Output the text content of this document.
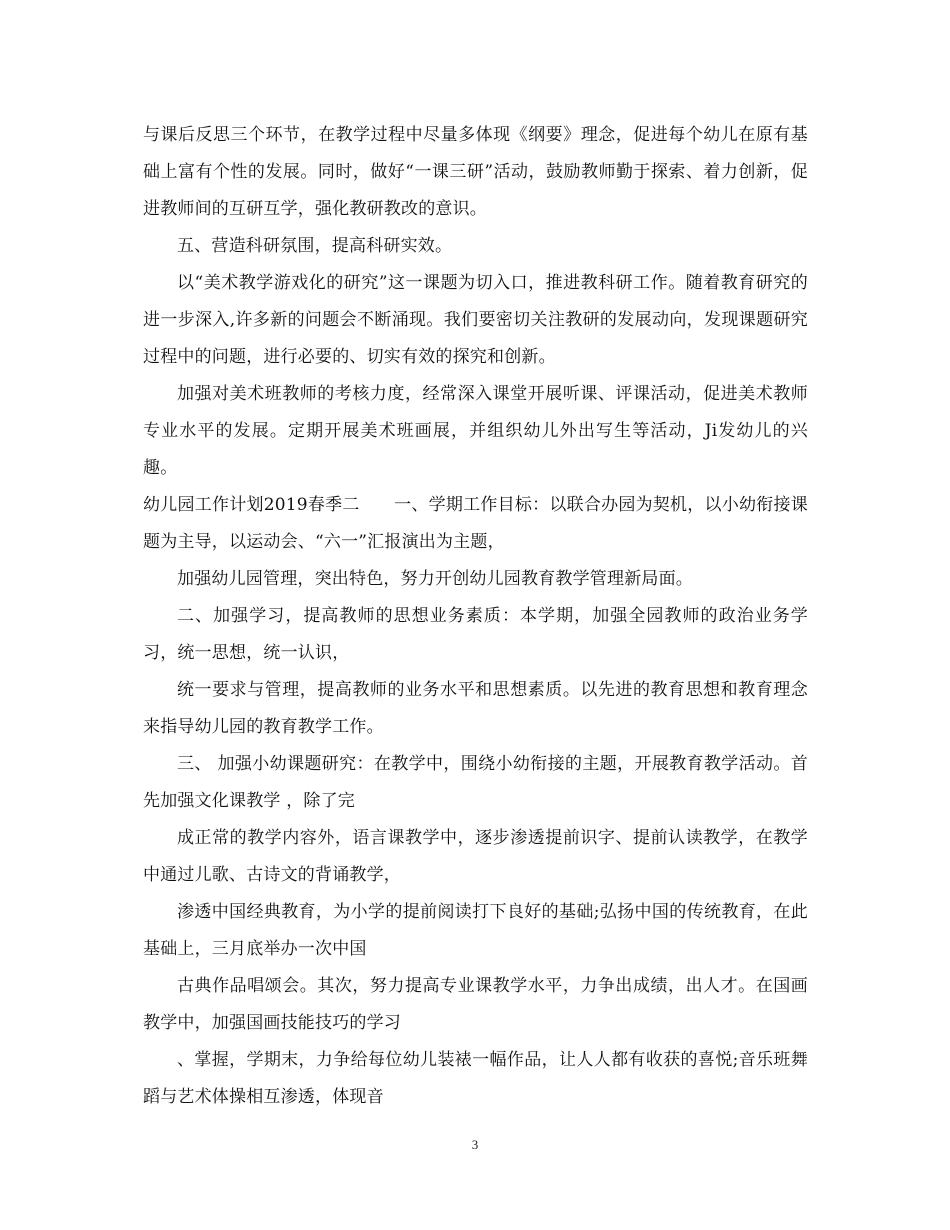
与课后反思三个环节，在教学过程中尽量多体现《纲要》理念，促进每个幼儿在原有基础上富有个性的发展。同时，做好“一课三研”活动，鼓励教师勤于探索、着力创新，促进教师间的互研互学，强化教研教改的意识。

五、营造科研氛围，提高科研实效。

以“美术教学游戏化的研究”这一课题为切入口，推进教科研工作。随着教育研究的进一步深入,许多新的问题会不断涌现。我们要密切关注教研的发展动向，发现课题研究过程中的问题，进行必要的、切实有效的探究和创新。

加强对美术班教师的考核力度，经常深入课堂开展听课、评课活动，促进美术教师专业水平的发展。定期开展美术班画展，并组织幼儿外出写生等活动，Ji发幼儿的兴趣。

幼儿园工作计划2019春季二　　一、学期工作目标：以联合办园为契机，以小幼衔接课题为主导，以运动会、“六一”汇报演出为主题，

加强幼儿园管理，突出特色，努力开创幼儿园教育教学管理新局面。

二、加强学习，提高教师的思想业务素质：本学期，加强全园教师的政治业务学习，统一思想，统一认识，

统一要求与管理，提高教师的业务水平和思想素质。以先进的教育思想和教育理念来指导幼儿园的教育教学工作。

三、 加强小幼课题研究：在教学中，围绕小幼衔接的主题，开展教育教学活动。首先加强文化课教学 ，除了完

成正常的教学内容外，语言课教学中，逐步渗透提前识字、提前认读教学，在教学中通过儿歌、古诗文的背诵教学，

渗透中国经典教育，为小学的提前阅读打下良好的基础;弘扬中国的传统教育，在此基础上，三月底举办一次中国

古典作品唱颂会。其次，努力提高专业课教学水平，力争出成绩，出人才。在国画教学中，加强国画技能技巧的学习

、掌握，学期末，力争给每位幼儿装裱一幅作品，让人人都有收获的喜悦;音乐班舞蹈与艺术体操相互渗透，体现音

3
